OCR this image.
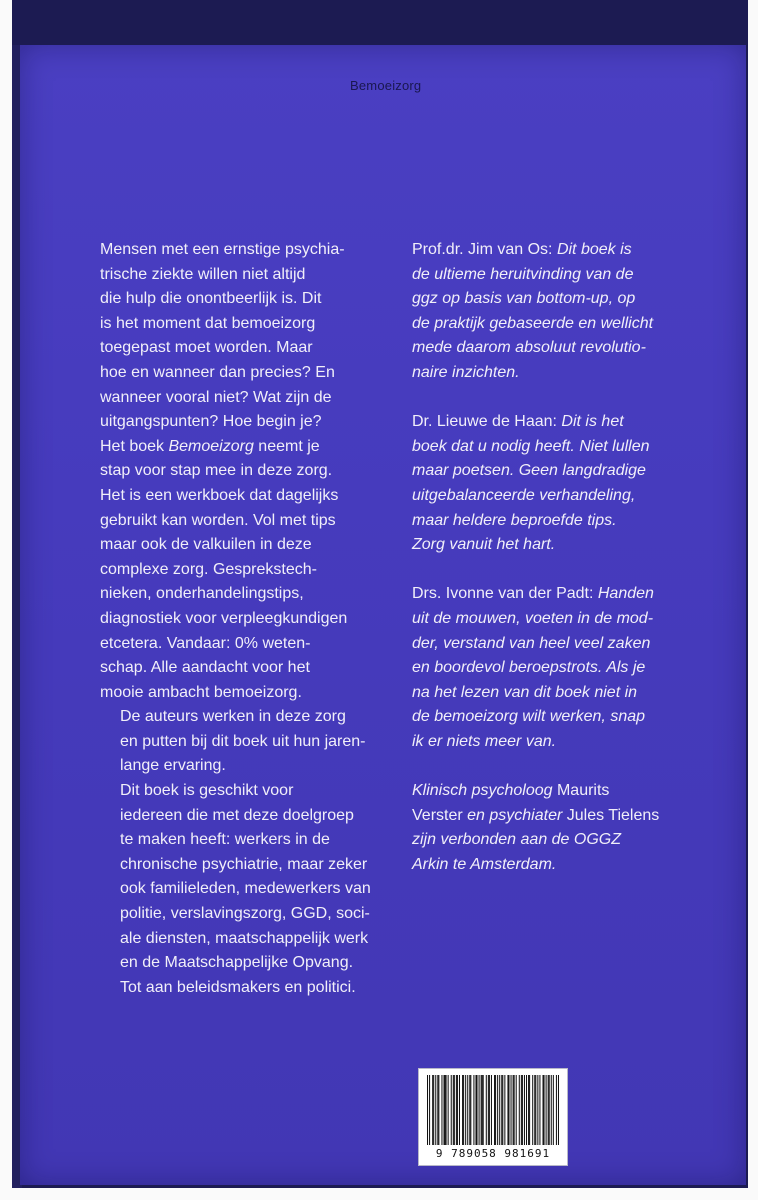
Bemoeizorg

Mensen met een ernstige psychia-
trische ziekte willen niet altijd
die hulp die onontbeerlijk is. Dit
is het moment dat bemoeizorg
toegepast moet worden. Maar
hoe en wanneer dan precies? En
wanneer vooral niet? Wat zijn de
uitgangspunten? Hoe begin je?
Het boek Bemoeizorg neemt je
stap voor stap mee in deze zorg.
Het is een werkboek dat dagelijks
gebruikt kan worden. Vol met tips
maar ook de valkuilen in deze
complexe zorg. Gesprekstech-
nieken, onderhandelingstips,
diagnostiek voor verpleegkundigen
etcetera. Vandaar: 0% weten-
schap. Alle aandacht voor het
mooie ambacht bemoeizorg.

De auteurs werken in deze zorg
en putten bij dit boek uit hun jaren-
lange ervaring.

Dit boek is geschikt voor
iedereen die met deze doelgroep
te maken heeft: werkers in de
chronische psychiatrie, maar zeker
ook familieleden, medewerkers van
politie, verslavingszorg, GGD, soci-
ale diensten, maatschappelijk werk
en de Maatschappelijke Opvang.
Tot aan beleidsmakers en politici.

Prof.dr. Jim van Os: Dit boek is
de ultieme heruitvinding van de
ggz op basis van bottom-up, op
de praktijk gebaseerde en wellicht
mede daarom absoluut revolutio-
naire inzichten.

Dr. Lieuwe de Haan: Dit is het
boek dat u nodig heeft. Niet lullen
maar poetsen. Geen langdradige
uitgebalanceerde verhandeling,
maar heldere beproefde tips.
Zorg vanuit het hart.

Drs. Ivonne van der Padt: Handen
uit de mouwen, voeten in de mod-
der, verstand van heel veel zaken
en boordevol beroepstrots. Als je
na het lezen van dit boek niet in
de bemoeizorg wilt werken, snap
ik er niets meer van.

Klinisch psycholoog Maurits
Verster en psychiater Jules Tielens
zijn verbonden aan de OGGZ
Arkin te Amsterdam.

9 789058 981691
